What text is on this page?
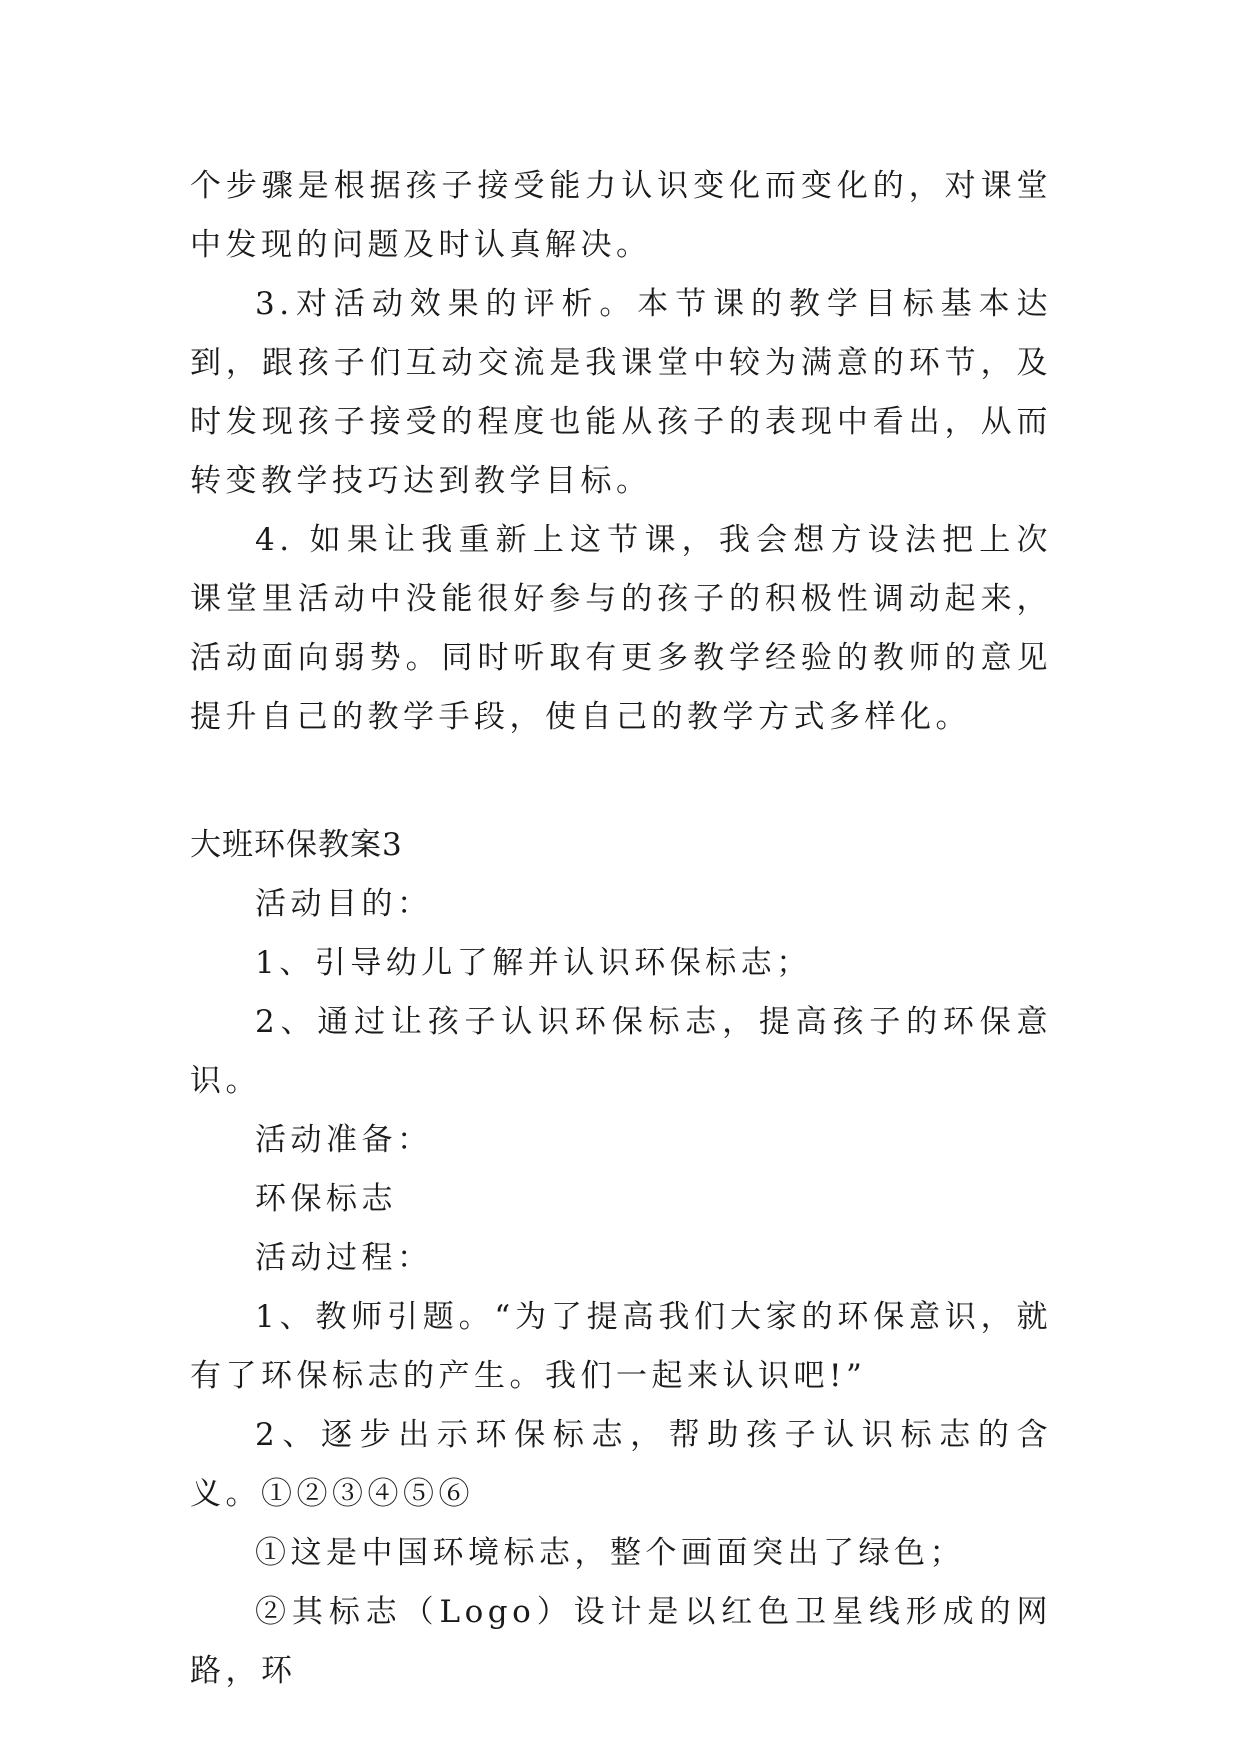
个步骤是根据孩子接受能力认识变化而变化的，对课堂中发现的问题及时认真解决。

3.对活动效果的评析。本节课的教学目标基本达到，跟孩子们互动交流是我课堂中较为满意的环节，及时发现孩子接受的程度也能从孩子的表现中看出，从而转变教学技巧达到教学目标。

4. 如果让我重新上这节课，我会想方设法把上次课堂里活动中没能很好参与的孩子的积极性调动起来，活动面向弱势。同时听取有更多教学经验的教师的意见提升自己的教学手段，使自己的教学方式多样化。

大班环保教案3

活动目的：

1、引导幼儿了解并认识环保标志；

2、通过让孩子认识环保标志，提高孩子的环保意识。

活动准备：

环保标志

活动过程：

1、教师引题。“为了提高我们大家的环保意识，就有了环保标志的产生。我们一起来认识吧!”

2、逐步出示环保标志，帮助孩子认识标志的含义。①②③④⑤⑥

①这是中国环境标志，整个画面突出了绿色；

②其标志（Logo）设计是以红色卫星线形成的网路，环
